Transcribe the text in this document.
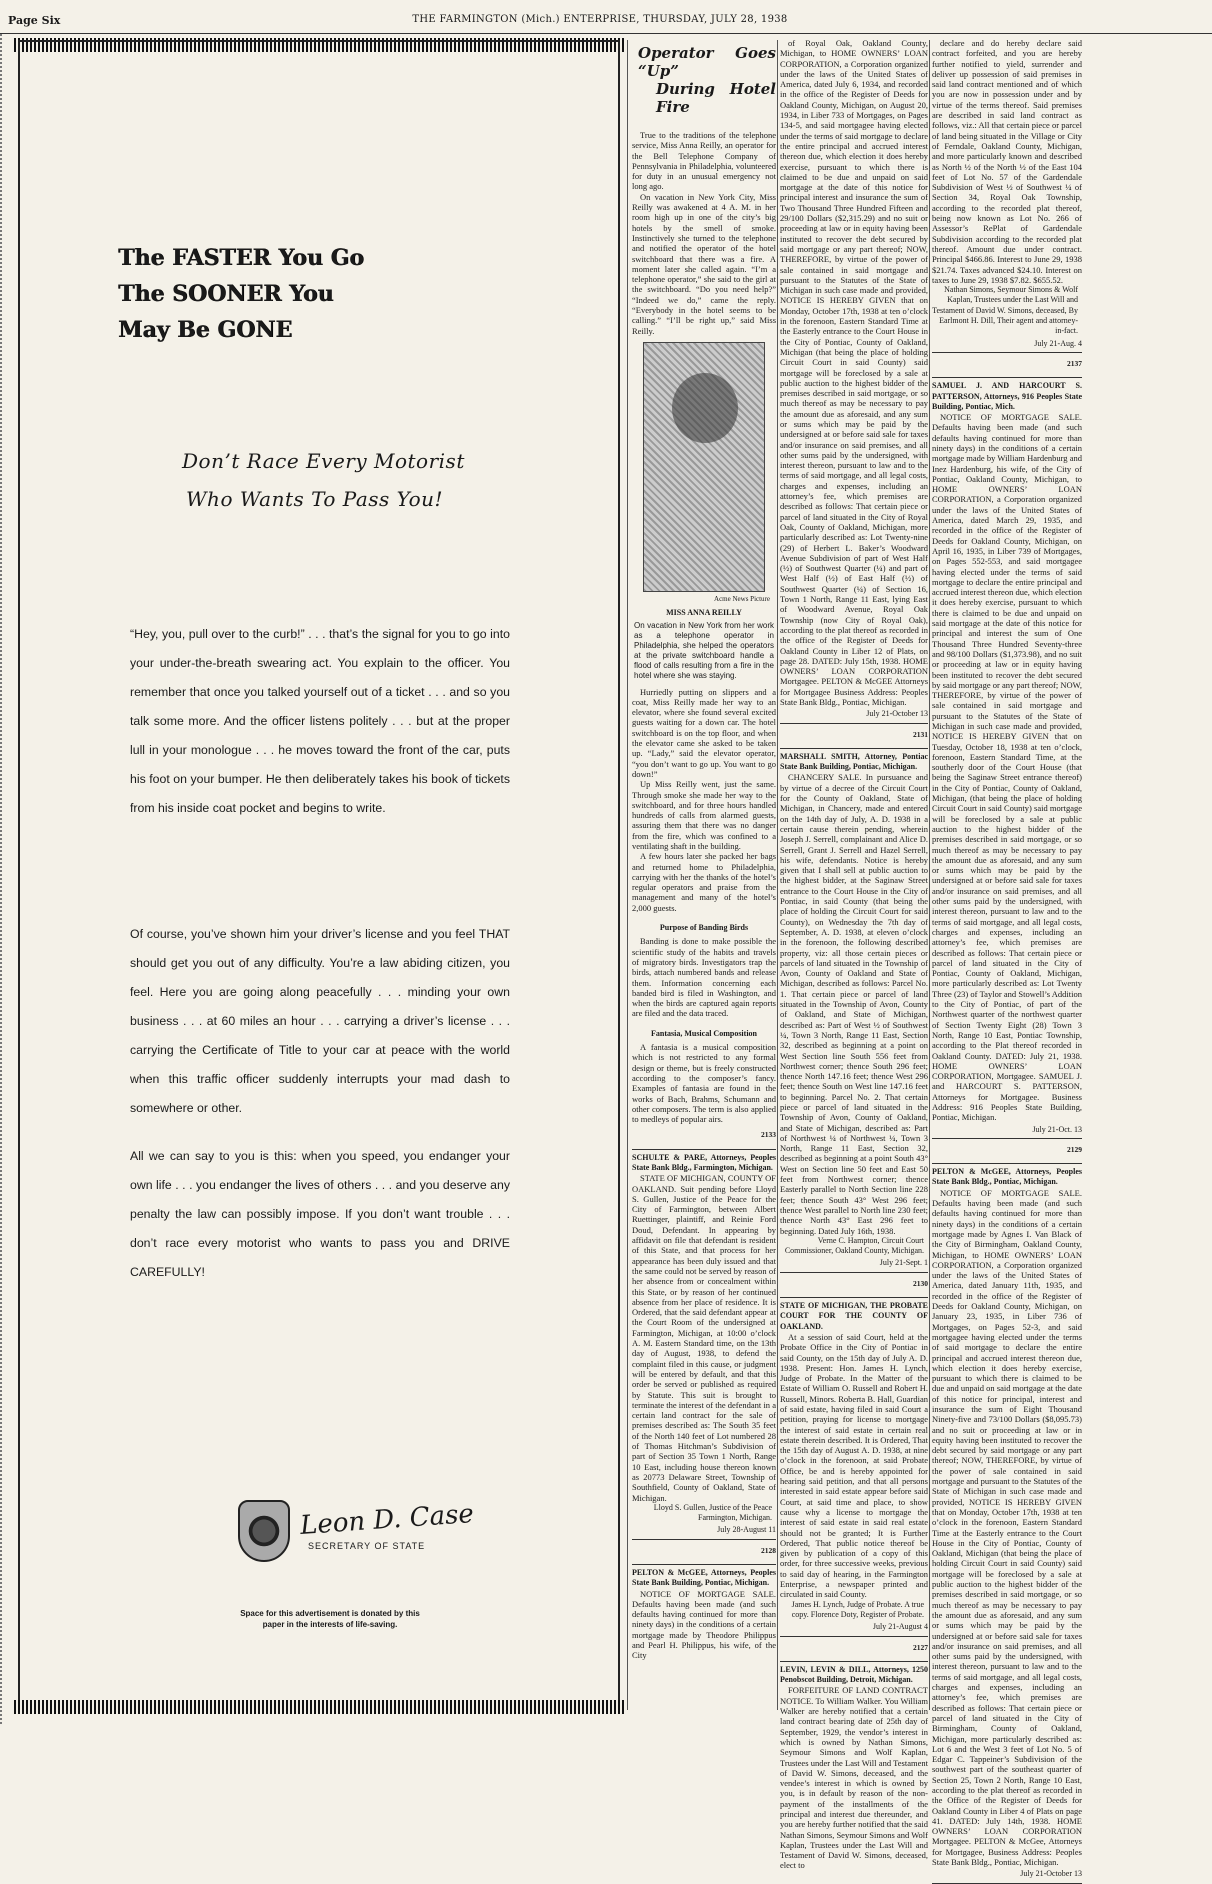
Page Six	THE FARMINGTON (Mich.) ENTERPRISE, THURSDAY, JULY 28, 1938
The FASTER You Go
The SOONER You
May Be GONE
Don’t Race Every Motorist
Who Wants To Pass You!
“Hey, you, pull over to the curb!” . . . that’s the signal for you to go into your under-the-breath swearing act. You explain to the officer. You remember that once you talked yourself out of a ticket . . . and so you talk some more. And the officer listens politely . . . but at the proper lull in your monologue . . . he moves toward the front of the car, puts his foot on your bumper. He then deliberately takes his book of tickets from his inside coat pocket and begins to write.
Of course, you’ve shown him your driver’s license and you feel THAT should get you out of any difficulty. You’re a law abiding citizen, you feel. Here you are going along peacefully . . . minding your own business . . . at 60 miles an hour . . . carrying a driver’s license . . . carrying the Certificate of Title to your car at peace with the world when this traffic officer suddenly interrupts your mad dash to somewhere or other.
All we can say to you is this: when you speed, you endanger your own life . . . you endanger the lives of others . . . and you deserve any penalty the law can possibly impose. If you don’t want trouble . . . don’t race every motorist who wants to pass you and DRIVE CAREFULLY!
Leon D. Case
SECRETARY OF STATE
Space for this advertisement is donated by this paper in the interests of life-saving.
Operator Goes “Up”
During Hotel Fire

True to the traditions of the telephone service, Miss Anna Reilly, an operator for the Bell Telephone Company of Pennsylvania in Philadelphia, volunteered for duty in an unusual emergency not long ago.

On vacation in New York City, Miss Reilly was awakened at 4 A. M. in her room high up in one of the city’s big hotels by the smell of smoke. Instinctively she turned to the telephone and notified the operator of the hotel switchboard that there was a fire. A moment later she called again. “I’m a telephone operator,” she said to the girl at the switchboard. “Do you need help?” “Indeed we do,” came the reply. “Everybody in the hotel seems to be calling.” “I’ll be right up,” said Miss Reilly.

Acme News Picture
MISS ANNA REILLY
On vacation in New York from her work as a telephone operator in Philadelphia, she helped the operators at the private switchboard handle a flood of calls resulting from a fire in the hotel where she was staying.

Hurriedly putting on slippers and a coat, Miss Reilly made her way to an elevator, where she found several excited guests waiting for a down car. The hotel switchboard is on the top floor, and when the elevator came she asked to be taken up. “Lady,” said the elevator operator, “you don’t want to go up. You want to go down!”

Up Miss Reilly went, just the same. Through smoke she made her way to the switchboard, and for three hours handled hundreds of calls from alarmed guests, assuring them that there was no danger from the fire, which was confined to a ventilating shaft in the building.

A few hours later she packed her bags and returned home to Philadelphia, carrying with her the thanks of the hotel’s regular operators and praise from the management and many of the hotel’s 2,000 guests.

Purpose of Banding Birds

Banding is done to make possible the scientific study of the habits and travels of migratory birds. Investigators trap the birds, attach numbered bands and release them. Information concerning each banded bird is filed in Washington, and when the birds are captured again reports are filed and the data traced.

Fantasia, Musical Composition

A fantasia is a musical composition which is not restricted to any formal design or theme, but is freely constructed according to the composer’s fancy. Examples of fantasia are found in the works of Bach, Brahms, Schumann and other composers. The term is also applied to medleys of popular airs.

2133
SCHULTE & PARE, Attorneys, Peoples State Bank Bldg., Farmington, Michigan.

STATE OF MICHIGAN, COUNTY OF OAKLAND. Suit pending before Lloyd S. Gullen, Justice of the Peace for the City of Farmington, between Albert Ruettinger, plaintiff, and Reinie Ford Doud, Defendant. In appearing by affidavit on file that defendant is resident of this State, and that process for her appearance has been duly issued and that the same could not be served by reason of her absence from or concealment within this State, or by reason of her continued absence from her place of residence. It is Ordered, that the said defendant appear at the Court Room of the undersigned at Farmington, Michigan, at 10:00 o’clock A. M. Eastern Standard time, on the 13th day of August, 1938, to defend the complaint filed in this cause, or judgment will be entered by default, and that this order be served or published as required by Statute. This suit is brought to terminate the interest of the defendant in a certain land contract for the sale of premises described as: The South 35 feet of the North 140 feet of Lot numbered 28 of Thomas Hitchman’s Subdivision of part of Section 35 Town 1 North, Range 10 East, including house thereon known as 20773 Delaware Street, Township of Southfield, County of Oakland, State of Michigan.

Lloyd S. Gullen, Justice of the Peace Farmington, Michigan.
July 28-August 11
2128
PELTON & McGEE, Attorneys, Peoples State Bank Building, Pontiac, Michigan.

NOTICE OF MORTGAGE SALE. Defaults having been made (and such defaults having continued for more than ninety days) in the conditions of a certain mortgage made by Theodore Philippus and Pearl H. Philippus, his wife, of the City

of Royal Oak, Oakland County, Michigan, to HOME OWNERS’ LOAN CORPORATION, a Corporation organized under the laws of the United States of America, dated July 6, 1934, and recorded in the office of the Register of Deeds for Oakland County, Michigan, on August 20, 1934, in Liber 733 of Mortgages, on Pages 134-5, and said mortgagee having elected under the terms of said mortgage to declare the entire principal and accrued interest thereon due, which election it does hereby exercise, pursuant to which there is claimed to be due and unpaid on said mortgage at the date of this notice for principal interest and insurance the sum of Two Thousand Three Hundred Fifteen and 29/100 Dollars ($2,315.29) and no suit or proceeding at law or in equity having been instituted to recover the debt secured by said mortgage or any part thereof; NOW, THEREFORE, by virtue of the power of sale contained in said mortgage and pursuant to the Statutes of the State of Michigan in such case made and provided, NOTICE IS HEREBY GIVEN that on Monday, October 17th, 1938 at ten o’clock in the forenoon, Eastern Standard Time at the Easterly entrance to the Court House in the City of Pontiac, County of Oakland, Michigan (that being the place of holding Circuit Court in said County) said mortgage will be foreclosed by a sale at public auction to the highest bidder of the premises described in said mortgage, or so much thereof as may be necessary to pay the amount due as aforesaid, and any sum or sums which may be paid by the undersigned at or before said sale for taxes and/or insurance on said premises, and all other sums paid by the undersigned, with interest thereon, pursuant to law and to the terms of said mortgage, and all legal costs, charges and expenses, including an attorney’s fee, which premises are described as follows: That certain piece or parcel of land situated in the City of Royal Oak, County of Oakland, Michigan, more particularly described as: Lot Twenty-nine (29) of Herbert L. Baker’s Woodward Avenue Subdivision of part of West Half (½) of Southwest Quarter (¼) and part of West Half (½) of East Half (½) of Southwest Quarter (¼) of Section 16, Town 1 North, Range 11 East, lying East of Woodward Avenue, Royal Oak Township (now City of Royal Oak), according to the plat thereof as recorded in the office of the Register of Deeds for Oakland County in Liber 12 of Plats, on page 28. DATED: July 15th, 1938. HOME OWNERS’ LOAN CORPORATION Mortgagee. PELTON & McGEE Attorneys for Mortgagee Business Address: Peoples State Bank Bldg., Pontiac, Michigan.

July 21-October 13
2131
MARSHALL SMITH, Attorney, Pontiac State Bank Building, Pontiac, Michigan.

CHANCERY SALE. In pursuance and by virtue of a decree of the Circuit Court for the County of Oakland, State of Michigan, in Chancery, made and entered on the 14th day of July, A. D. 1938 in a certain cause therein pending, wherein Joseph J. Serrell, complainant and Alice D. Serrell, Grant J. Serrell and Hazel Serrell, his wife, defendants. Notice is hereby given that I shall sell at public auction to the highest bidder, at the Saginaw Street entrance to the Court House in the City of Pontiac, in said County (that being the place of holding the Circuit Court for said County), on Wednesday the 7th day of September, A. D. 1938, at eleven o’clock in the forenoon, the following described property, viz: all those certain pieces or parcels of land situated in the Township of Avon, County of Oakland and State of Michigan, described as follows: Parcel No. 1. That certain piece or parcel of land situated in the Township of Avon, County of Oakland, and State of Michigan, described as: Part of West ½ of Southwest ¼, Town 3 North, Range 11 East, Section 32, described as beginning at a point on West Section line South 556 feet from Northwest corner; thence South 296 feet; thence North 147.16 feet; thence West 296 feet; thence South on West line 147.16 feet to beginning. Parcel No. 2. That certain piece or parcel of land situated in the Township of Avon, County of Oakland, and State of Michigan, described as: Part of Northwest ¼ of Northwest ¼, Town 3 North, Range 11 East, Section 32, described as beginning at a point South 43° West on Section line 50 feet and East 50 feet from Northwest corner; thence Easterly parallel to North Section line 228 feet; thence South 43° West 296 feet; thence West parallel to North line 230 feet; thence North 43° East 296 feet to beginning. Dated July 16th, 1938.

Verne C. Hampton, Circuit Court Commissioner, Oakland County, Michigan.
July 21-Sept. 1
2130
STATE OF MICHIGAN, THE PROBATE COURT FOR THE COUNTY OF OAKLAND.

At a session of said Court, held at the Probate Office in the City of Pontiac in said County, on the 15th day of July A. D. 1938. Present: Hon. James H. Lynch, Judge of Probate. In the Matter of the Estate of William O. Russell and Robert H. Russell, Minors. Roberta B. Hall, Guardian of said estate, having filed in said Court a petition, praying for license to mortgage the interest of said estate in certain real estate therein described. It is Ordered, That the 15th day of August A. D. 1938, at nine o’clock in the forenoon, at said Probate Office, be and is hereby appointed for hearing said petition, and that all persons interested in said estate appear before said Court, at said time and place, to show cause why a license to mortgage the interest of said estate in said real estate should not be granted; It is Further Ordered, That public notice thereof be given by publication of a copy of this order, for three successive weeks, previous to said day of hearing, in the Farmington Enterprise, a newspaper printed and circulated in said County.

James H. Lynch, Judge of Probate. A true copy. Florence Doty, Register of Probate.
July 21-August 4
2127
LEVIN, LEVIN & DILL, Attorneys, 1250 Penobscot Building, Detroit, Michigan.

FORFEITURE OF LAND CONTRACT NOTICE. To William Walker. You William Walker are hereby notified that a certain land contract bearing date of 25th day of September, 1929, the vendor’s interest in which is owned by Nathan Simons, Seymour Simons and Wolf Kaplan, Trustees under the Last Will and Testament of David W. Simons, deceased, and the vendee’s interest in which is owned by you, is in default by reason of the non-payment of the installments of the principal and interest due thereunder, and you are hereby further notified that the said Nathan Simons, Seymour Simons and Wolf Kaplan, Trustees under the Last Will and Testament of David W. Simons, deceased, elect to

declare and do hereby declare said contract forfeited, and you are hereby further notified to yield, surrender and deliver up possession of said premises in said land contract mentioned and of which you are now in possession under and by virtue of the terms thereof. Said premises are described in said land contract as follows, viz.: All that certain piece or parcel of land being situated in the Village or City of Ferndale, Oakland County, Michigan, and more particularly known and described as North ½ of the North ½ of the East 104 feet of Lot No. 57 of the Gardendale Subdivision of West ½ of Southwest ¼ of Section 34, Royal Oak Township, according to the recorded plat thereof, being now known as Lot No. 266 of Assessor’s RePlat of Gardendale Subdivision according to the recorded plat thereof. Amount due under contract. Principal $466.86. Interest to June 29, 1938 $21.74. Taxes advanced $24.10. Interest on taxes to June 29, 1938 $7.82. $655.52.

Nathan Simons, Seymour Simons & Wolf Kaplan, Trustees under the Last Will and Testament of David W. Simons, deceased, By Earlmont H. Dill, Their agent and attorney-in-fact.
July 21-Aug. 4
2137
SAMUEL J. AND HARCOURT S. PATTERSON, Attorneys, 916 Peoples State Building, Pontiac, Mich.

NOTICE OF MORTGAGE SALE. Defaults having been made (and such defaults having continued for more than ninety days) in the conditions of a certain mortgage made by William Hardenburg and Inez Hardenburg, his wife, of the City of Pontiac, Oakland County, Michigan, to HOME OWNERS’ LOAN CORPORATION, a Corporation organized under the laws of the United States of America, dated March 29, 1935, and recorded in the office of the Register of Deeds for Oakland County, Michigan, on April 16, 1935, in Liber 739 of Mortgages, on Pages 552-553, and said mortgagee having elected under the terms of said mortgage to declare the entire principal and accrued interest thereon due, which election it does hereby exercise, pursuant to which there is claimed to be due and unpaid on said mortgage at the date of this notice for principal and interest the sum of One Thousand Three Hundred Seventy-three and 98/100 Dollars ($1,373.98), and no suit or proceeding at law or in equity having been instituted to recover the debt secured by said mortgage or any part thereof; NOW, THEREFORE, by virtue of the power of sale contained in said mortgage and pursuant to the Statutes of the State of Michigan in such case made and provided, NOTICE IS HEREBY GIVEN that on Tuesday, October 18, 1938 at ten o’clock, forenoon, Eastern Standard Time, at the southerly door of the Court House (that being the Saginaw Street entrance thereof) in the City of Pontiac, County of Oakland, Michigan, (that being the place of holding Circuit Court in said County) said mortgage will be foreclosed by a sale at public auction to the highest bidder of the premises described in said mortgage, or so much thereof as may be necessary to pay the amount due as aforesaid, and any sum or sums which may be paid by the undersigned at or before said sale for taxes and/or insurance on said premises, and all other sums paid by the undersigned, with interest thereon, pursuant to law and to the terms of said mortgage, and all legal costs, charges and expenses, including an attorney’s fee, which premises are described as follows: That certain piece or parcel of land situated in the City of Pontiac, County of Oakland, Michigan, more particularly described as: Lot Twenty Three (23) of Taylor and Stowell’s Addition to the City of Pontiac, of part of the Northwest quarter of the northwest quarter of Section Twenty Eight (28) Town 3 North, Range 10 East, Pontiac Township, according to the Plat thereof recorded in Oakland County. DATED: July 21, 1938. HOME OWNERS’ LOAN CORPORATION, Mortgagee. SAMUEL J. and HARCOURT S. PATTERSON, Attorneys for Mortgagee. Business Address: 916 Peoples State Building, Pontiac, Michigan.

July 21-Oct. 13
2129
PELTON & McGEE, Attorneys, Peoples State Bank Bldg., Pontiac, Michigan.

NOTICE OF MORTGAGE SALE. Defaults having been made (and such defaults having continued for more than ninety days) in the conditions of a certain mortgage made by Agnes I. Van Black of the City of Birmingham, Oakland County, Michigan, to HOME OWNERS’ LOAN CORPORATION, a Corporation organized under the laws of the United States of America, dated January 11th, 1935, and recorded in the office of the Register of Deeds for Oakland County, Michigan, on January 23, 1935, in Liber 736 of Mortgages, on Pages 52-3, and said mortgagee having elected under the terms of said mortgage to declare the entire principal and accrued interest thereon due, which election it does hereby exercise, pursuant to which there is claimed to be due and unpaid on said mortgage at the date of this notice for principal, interest and insurance the sum of Eight Thousand Ninety-five and 73/100 Dollars ($8,095.73) and no suit or proceeding at law or in equity having been instituted to recover the debt secured by said mortgage or any part thereof; NOW, THEREFORE, by virtue of the power of sale contained in said mortgage and pursuant to the Statutes of the State of Michigan in such case made and provided, NOTICE IS HEREBY GIVEN that on Monday, October 17th, 1938 at ten o’clock in the forenoon, Eastern Standard Time at the Easterly entrance to the Court House in the City of Pontiac, County of Oakland, Michigan (that being the place of holding Circuit Court in said County) said mortgage will be foreclosed by a sale at public auction to the highest bidder of the premises described in said mortgage, or so much thereof as may be necessary to pay the amount due as aforesaid, and any sum or sums which may be paid by the undersigned at or before said sale for taxes and/or insurance on said premises, and all other sums paid by the undersigned, with interest thereon, pursuant to law and to the terms of said mortgage, and all legal costs, charges and expenses, including an attorney’s fee, which premises are described as follows: That certain piece or parcel of land situated in the City of Birmingham, County of Oakland, Michigan, more particularly described as: Lot 6 and the West 3 feet of Lot No. 5 of Edgar C. Tappeiner’s Subdivision of the southwest part of the southeast quarter of Section 25, Town 2 North, Range 10 East, according to the plat thereof as recorded in the Office of the Register of Deeds for Oakland County in Liber 4 of Plats on page 41. DATED: July 14th, 1938. HOME OWNERS’ LOAN CORPORATION Mortgagee. PELTON & McGee, Attorneys for Mortgagee, Business Address: Peoples State Bank Bldg., Pontiac, Michigan.

July 21-October 13
